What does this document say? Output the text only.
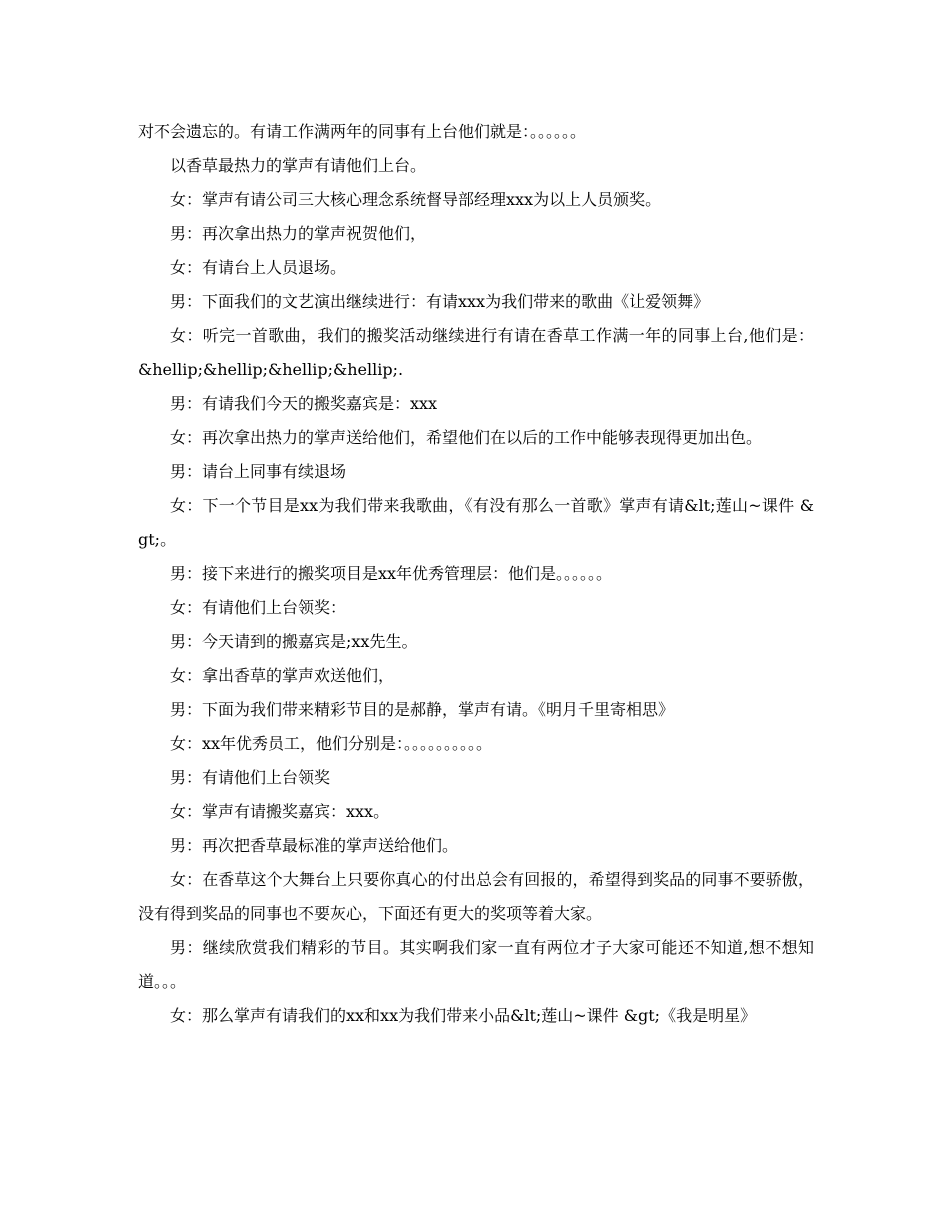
对不会遗忘的。有请工作满两年的同事有上台他们就是：。。。。。。

以香草最热力的掌声有请他们上台。

女：掌声有请公司三大核心理念系统督导部经理xxx为以上人员颁奖。

男：再次拿出热力的掌声祝贺他们，

女：有请台上人员退场。

男：下面我们的文艺演出继续进行：有请xxx为我们带来的歌曲《让爱领舞》

女：听完一首歌曲，我们的搬奖活动继续进行有请在香草工作满一年的同事上台,他们是： &hellip;&hellip;&hellip;&hellip;.

男：有请我们今天的搬奖嘉宾是：xxx

女：再次拿出热力的掌声送给他们，希望他们在以后的工作中能够表现得更加出色。

男：请台上同事有续退场

女：下一个节目是xx为我们带来我歌曲，《有没有那么一首歌》掌声有请&lt;莲山~课件 &gt;。

男：接下来进行的搬奖项目是xx年优秀管理层：他们是。。。。。。

女：有请他们上台领奖：

男：今天请到的搬嘉宾是;xx先生。

女：拿出香草的掌声欢送他们，

男：下面为我们带来精彩节目的是郝静，掌声有请。《明月千里寄相思》

女：xx年优秀员工，他们分别是：。。。。。。。。。。

男：有请他们上台领奖

女：掌声有请搬奖嘉宾：xxx。

男：再次把香草最标准的掌声送给他们。

女：在香草这个大舞台上只要你真心的付出总会有回报的，希望得到奖品的同事不要骄傲，没有得到奖品的同事也不要灰心，下面还有更大的奖项等着大家。

男：继续欣赏我们精彩的节目。其实啊我们家一直有两位才子大家可能还不知道,想不想知道。。。

女：那么掌声有请我们的xx和xx为我们带来小品&lt;莲山~课件 &gt;《我是明星》
